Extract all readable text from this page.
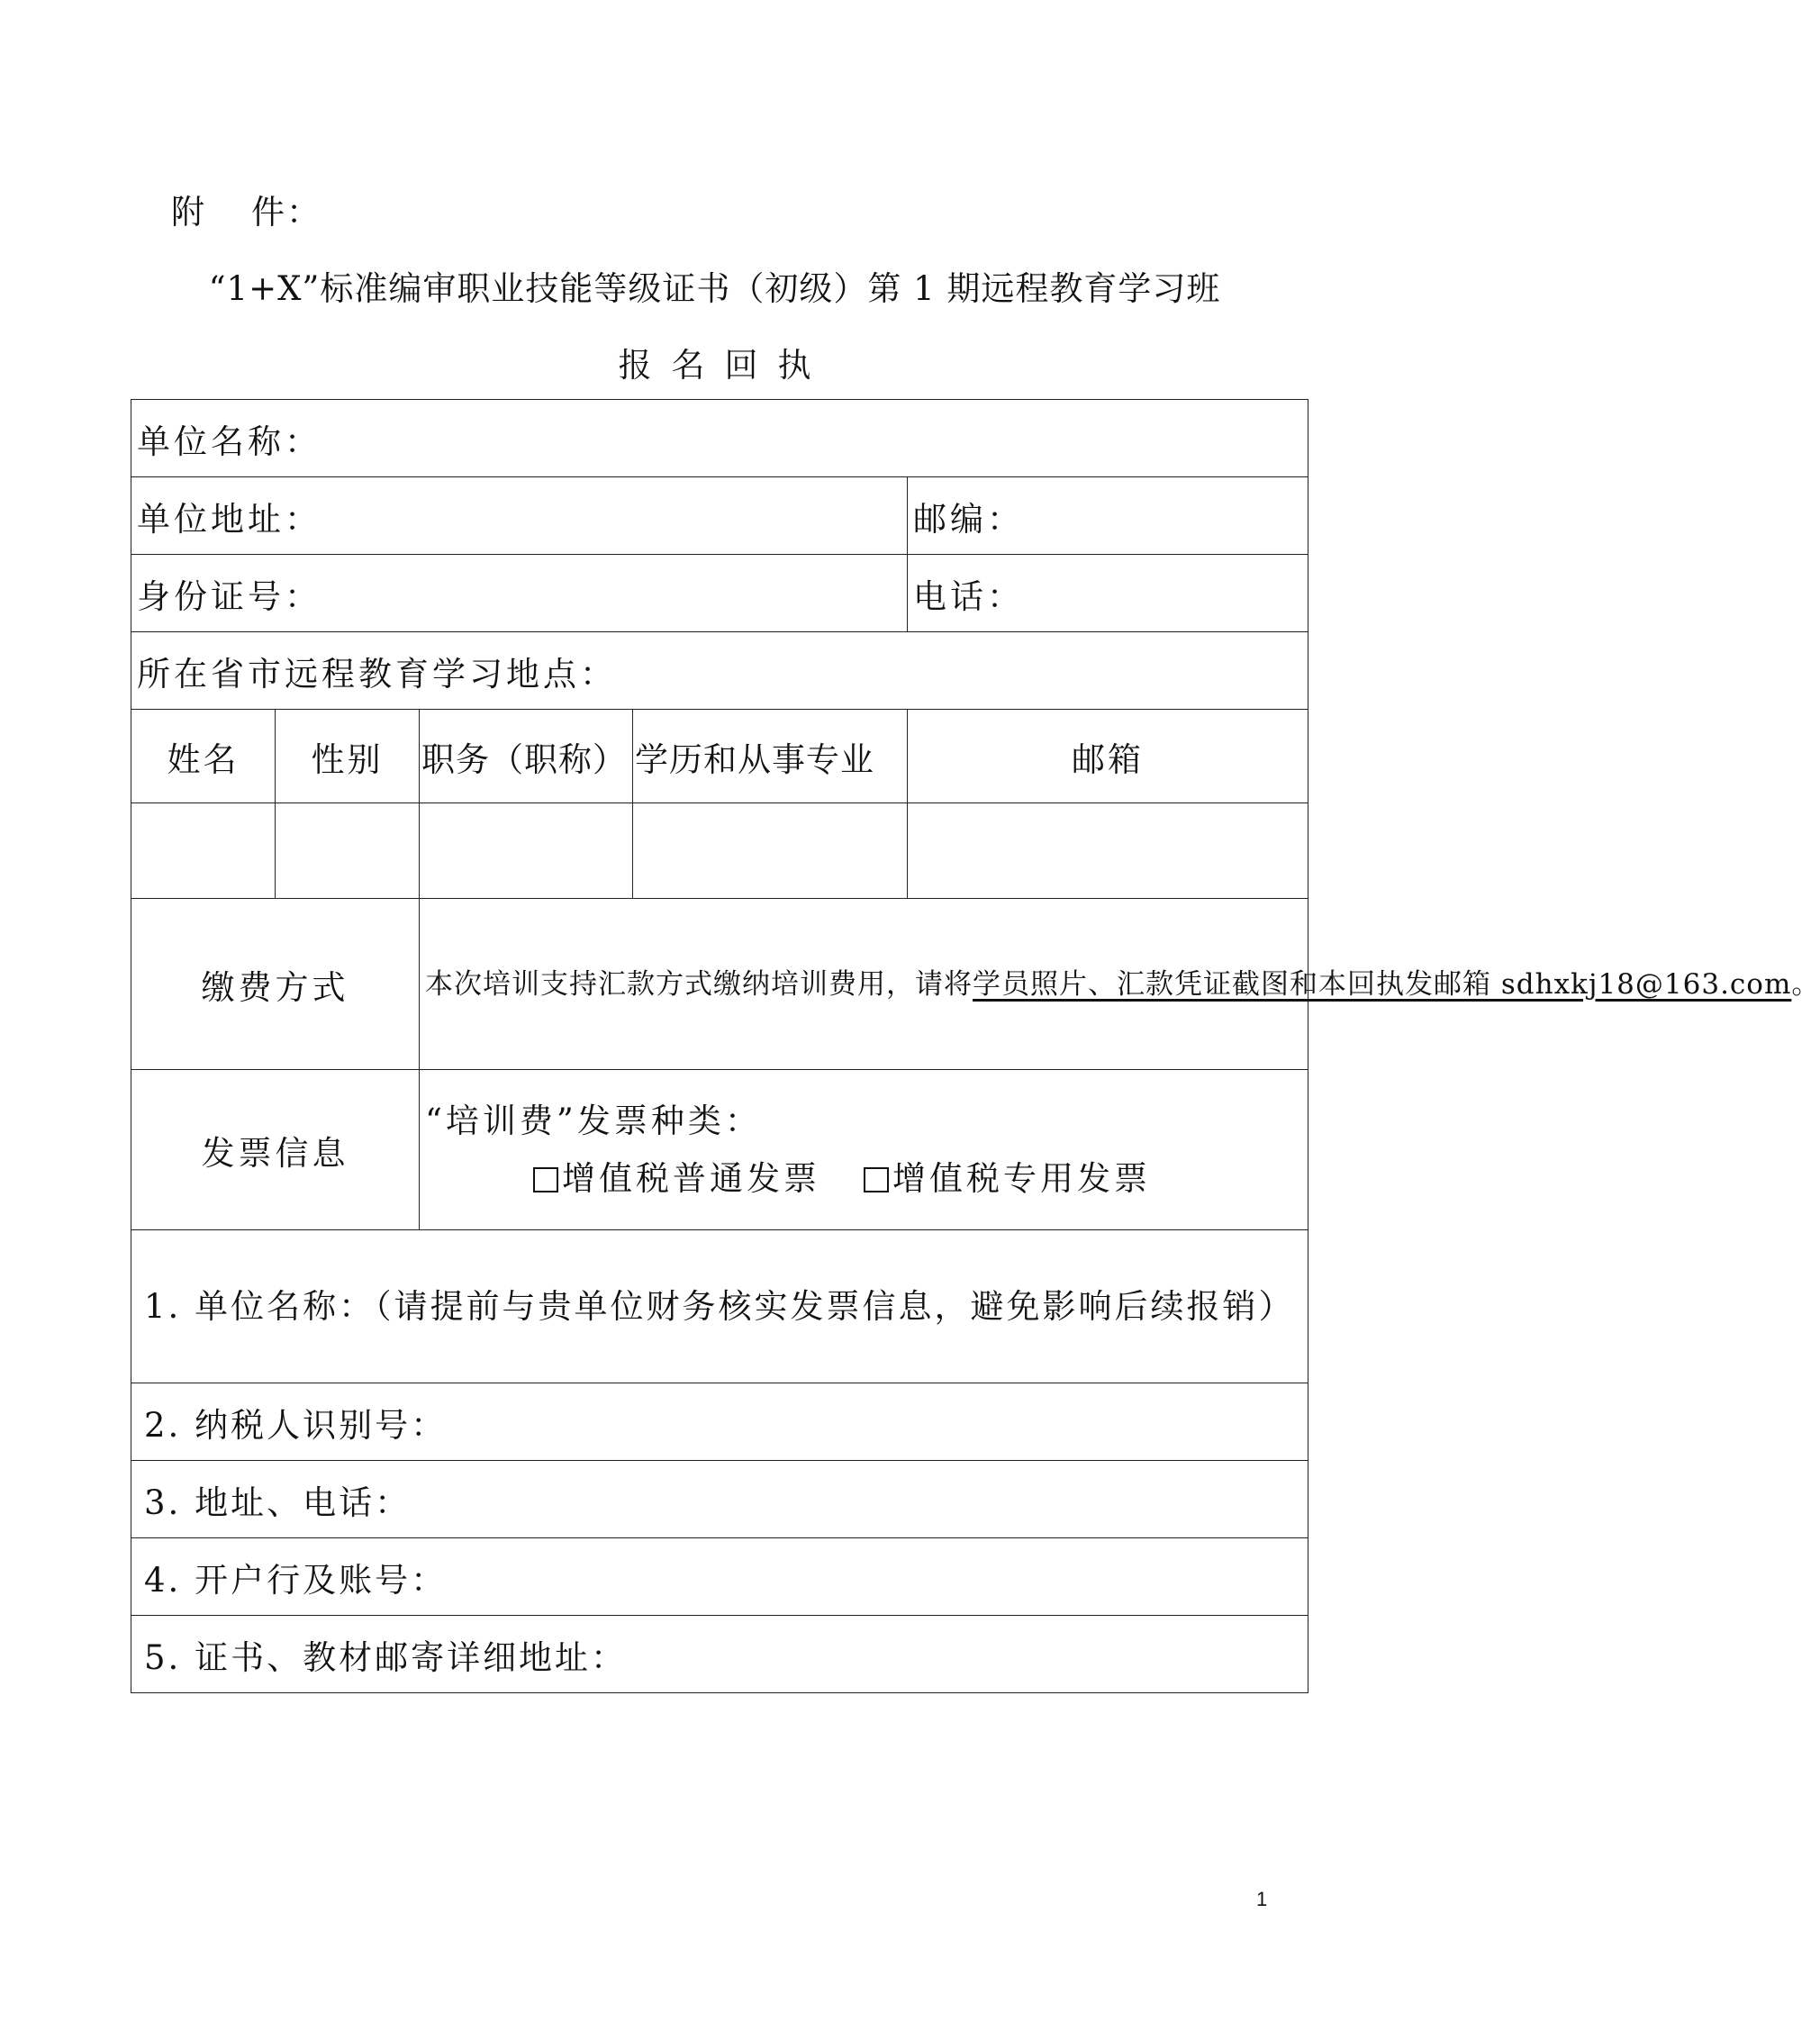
附 件：
“1+X”标准编审职业技能等级证书（初级）第 1 期远程教育学习班
报名回执
单位名称：				
单位地址：				邮编：
身份证号：				电话：
所在省市远程教育学习地点：				
姓名	性别	职务（职称）	学历和从事专业	邮箱

缴费方式		本次培训支持汇款方式缴纳培训费用，请将学员照片、汇款凭证截图和本回执发邮箱 sdhxkj18@163.com。		
发票信息		“培训费”发票种类：
增值税普通发票 增值税专用发票		

1. 单位名称：（请提前与贵单位财务核实发票信息，避免影响后续报销）				
2. 纳税人识别号：				
3. 地址、电话：				
4. 开户行及账号：				
5. 证书、教材邮寄详细地址：				
1
